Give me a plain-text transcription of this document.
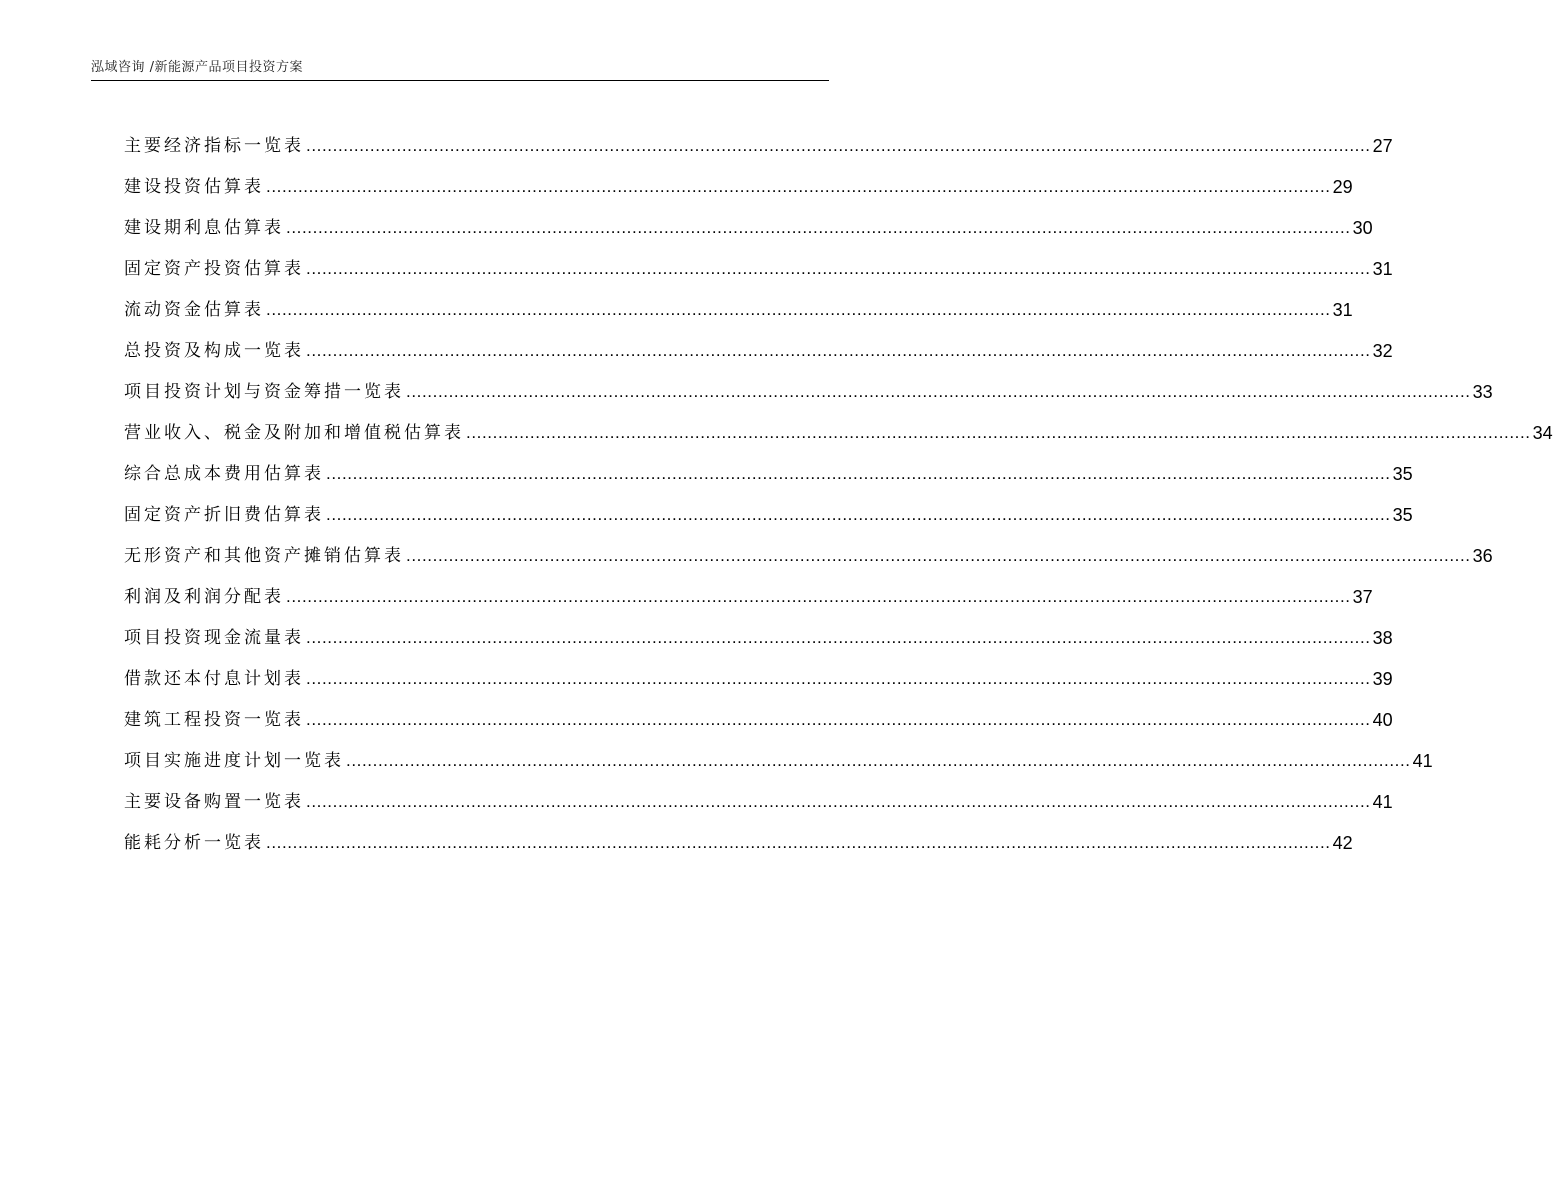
泓域咨询 /新能源产品项目投资方案
主要经济指标一览表 ........................................................................................................................................................................................................ 27
建设投资估算表 ........................................................................................................................................................................................................ 29
建设期利息估算表 ........................................................................................................................................................................................................ 30
固定资产投资估算表 ........................................................................................................................................................................................................ 31
流动资金估算表 ........................................................................................................................................................................................................ 31
总投资及构成一览表 ........................................................................................................................................................................................................ 32
项目投资计划与资金筹措一览表 ........................................................................................................................................................................................................ 33
营业收入、税金及附加和增值税估算表 ........................................................................................................................................................................................................ 34
综合总成本费用估算表 ........................................................................................................................................................................................................ 35
固定资产折旧费估算表 ........................................................................................................................................................................................................ 35
无形资产和其他资产摊销估算表 ........................................................................................................................................................................................................ 36
利润及利润分配表 ........................................................................................................................................................................................................ 37
项目投资现金流量表 ........................................................................................................................................................................................................ 38
借款还本付息计划表 ........................................................................................................................................................................................................ 39
建筑工程投资一览表 ........................................................................................................................................................................................................ 40
项目实施进度计划一览表 ........................................................................................................................................................................................................ 41
主要设备购置一览表 ........................................................................................................................................................................................................ 41
能耗分析一览表 ........................................................................................................................................................................................................ 42
